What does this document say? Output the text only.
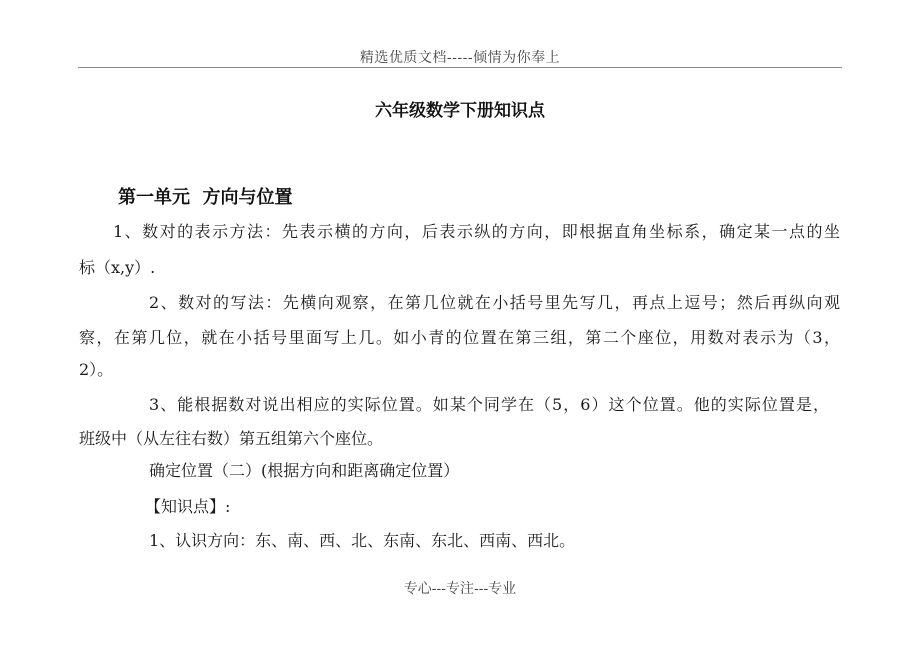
精选优质文档-----倾情为你奉上
六年级数学下册知识点
第一单元  方向与位置
1、数对的表示方法：先表示横的方向，后表示纵的方向，即根据直角坐标系，确定某一点的坐
标（x,y）.
2、数对的写法：先横向观察，在第几位就在小括号里先写几，再点上逗号；然后再纵向观
察，在第几位，就在小括号里面写上几。如小青的位置在第三组，第二个座位，用数对表示为（3，
2）。
3、能根据数对说出相应的实际位置。如某个同学在（5，6）这个位置。他的实际位置是，
班级中（从左往右数）第五组第六个座位。
确定位置（二）(根据方向和距离确定位置）
【知识点】:
1、认识方向：东、南、西、北、东南、东北、西南、西北。
专心---专注---专业
